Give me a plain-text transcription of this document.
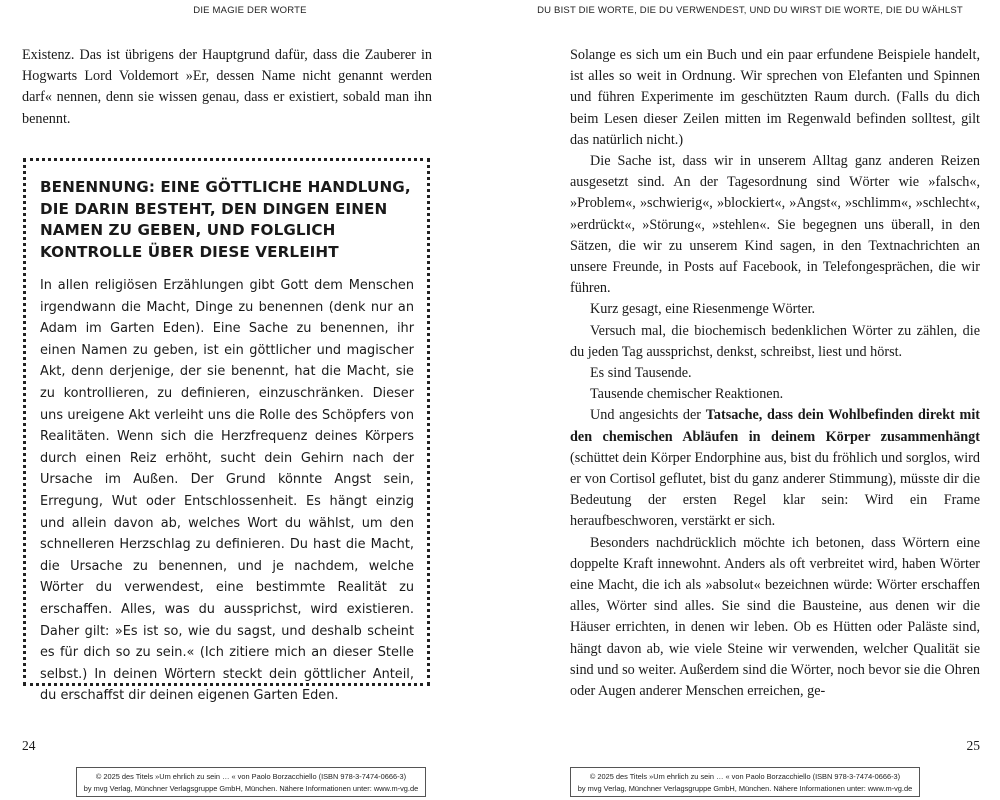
DIE MAGIE DER WORTE

Existenz. Das ist übrigens der Hauptgrund dafür, dass die Zauberer in Hogwarts Lord Voldemort »Er, dessen Name nicht genannt werden darf« nennen, denn sie wissen genau, dass er existiert, sobald man ihn benennt.

BENENNUNG: EINE GÖTTLICHE HANDLUNG, DIE DARIN BESTEHT, DEN DINGEN EINEN NAMEN ZU GEBEN, UND FOLGLICH KONTROLLE ÜBER DIESE VERLEIHT

In allen religiösen Erzählungen gibt Gott dem Menschen irgendwann die Macht, Dinge zu benennen (denk nur an Adam im Garten Eden). Eine Sache zu benennen, ihr einen Namen zu geben, ist ein göttlicher und magischer Akt, denn derjenige, der sie benennt, hat die Macht, sie zu kontrollieren, zu definieren, einzuschränken. Dieser uns ureigene Akt verleiht uns die Rolle des Schöpfers von Realitäten. Wenn sich die Herzfrequenz deines Körpers durch einen Reiz erhöht, sucht dein Gehirn nach der Ursache im Außen. Der Grund könnte Angst sein, Erregung, Wut oder Entschlossenheit. Es hängt einzig und allein davon ab, welches Wort du wählst, um den schnelleren Herzschlag zu definieren. Du hast die Macht, die Ursache zu benennen, und je nachdem, welche Wörter du verwendest, eine bestimmte Realität zu erschaffen. Alles, was du aussprichst, wird existieren. Daher gilt: »Es ist so, wie du sagst, und deshalb scheint es für dich so zu sein.« (Ich zitiere mich an dieser Stelle selbst.) In deinen Wörtern steckt dein göttlicher Anteil, du erschaffst dir deinen eigenen Garten Eden.

24
© 2025 des Titels »Um ehrlich zu sein … « von Paolo Borzacchiello (ISBN 978-3-7474-0666-3)
by mvg Verlag, Münchner Verlagsgruppe GmbH, München. Nähere Informationen unter: www.m-vg.de
DU BIST DIE WORTE, DIE DU VERWENDEST, UND DU WIRST DIE WORTE, DIE DU WÄHLST
25
© 2025 des Titels »Um ehrlich zu sein … « von Paolo Borzacchiello (ISBN 978-3-7474-0666-3)
by mvg Verlag, Münchner Verlagsgruppe GmbH, München. Nähere Informationen unter: www.m-vg.de

Solange es sich um ein Buch und ein paar erfundene Beispiele handelt, ist alles so weit in Ordnung. Wir sprechen von Elefanten und Spinnen und führen Experimente im geschützten Raum durch. (Falls du dich beim Lesen dieser Zeilen mitten im Regenwald befinden solltest, gilt das natürlich nicht.)

Die Sache ist, dass wir in unserem Alltag ganz anderen Reizen ausgesetzt sind. An der Tagesordnung sind Wörter wie »falsch«, »Problem«, »schwierig«, »blockiert«, »Angst«, »schlimm«, »schlecht«, »erdrückt«, »Störung«, »stehlen«. Sie begegnen uns überall, in den Sätzen, die wir zu unserem Kind sagen, in den Textnachrichten an unsere Freunde, in Posts auf Facebook, in Telefongesprächen, die wir führen.

Kurz gesagt, eine Riesenmenge Wörter.

Versuch mal, die biochemisch bedenklichen Wörter zu zählen, die du jeden Tag aussprichst, denkst, schreibst, liest und hörst.

Es sind Tausende.

Tausende chemischer Reaktionen.

Und angesichts der Tatsache, dass dein Wohlbefinden direkt mit den chemischen Abläufen in deinem Körper zusammenhängt (schüttet dein Körper Endorphine aus, bist du fröhlich und sorglos, wird er von Cortisol geflutet, bist du ganz anderer Stimmung), müsste dir die Bedeutung der ersten Regel klar sein: Wird ein Frame heraufbeschworen, verstärkt er sich.

Besonders nachdrücklich möchte ich betonen, dass Wörtern eine doppelte Kraft innewohnt. Anders als oft verbreitet wird, haben Wörter eine Macht, die ich als »absolut« bezeichnen würde: Wörter erschaffen alles, Wörter sind alles. Sie sind die Bausteine, aus denen wir die Häuser errichten, in denen wir leben. Ob es Hütten oder Paläste sind, hängt davon ab, wie viele Steine wir verwenden, welcher Qualität sie sind und so weiter. Außerdem sind die Wörter, noch bevor sie die Ohren oder Augen anderer Menschen erreichen, ge-
